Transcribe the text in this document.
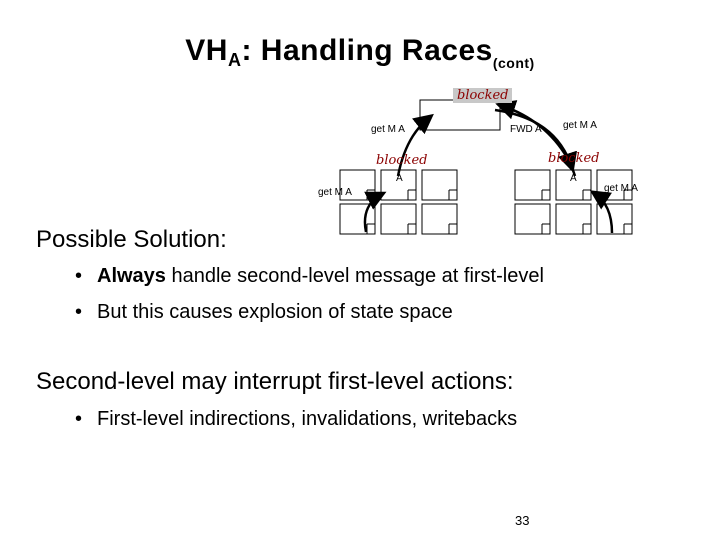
$VH_A$: Handling Races$_{(cont)}$
blocked
get M A	FWD A get M A
blocked	blocked
A	A
get M A	get M A
Possible Solution:
• Always handle second-level message at first-level
• But this causes explosion of state space
Second-level may interrupt first-level actions:
• First-level indirections, invalidations, writebacks
33
